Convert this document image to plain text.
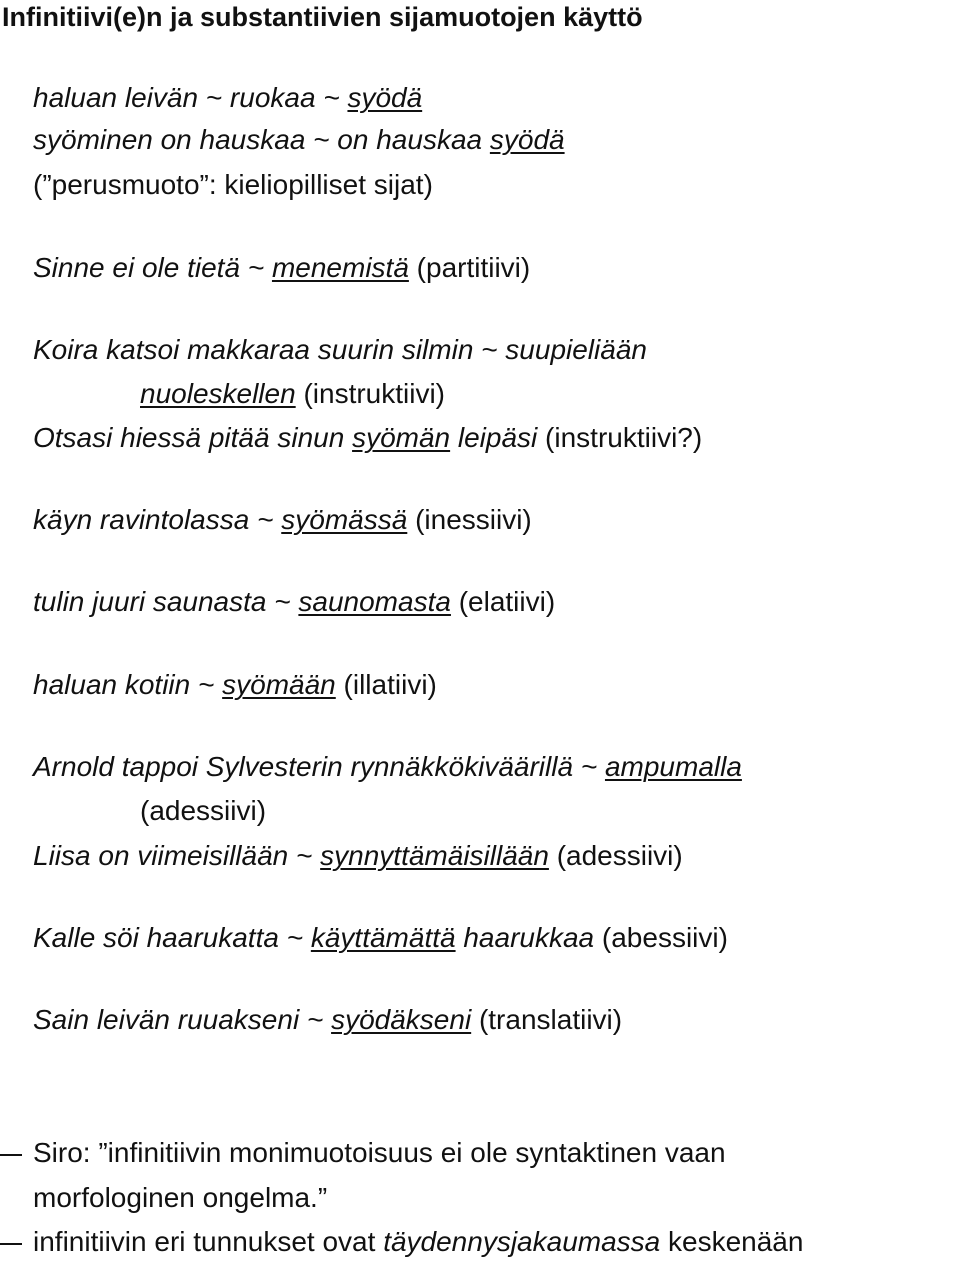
Infinitiivi(e)n ja substantiivien sijamuotojen käyttö
haluan leivän ~ ruokaa ~ syödä
syöminen on hauskaa ~ on hauskaa syödä
(”perusmuoto”: kieliopilliset sijat)
Sinne ei ole tietä ~ menemistä (partitiivi)
Koira katsoi makkaraa suurin silmin ~ suupieliään
nuoleskellen (instruktiivi)
Otsasi hiessä pitää sinun syömän leipäsi (instruktiivi?)
käyn ravintolassa ~ syömässä (inessiivi)
tulin juuri saunasta ~ saunomasta (elatiivi)
haluan kotiin ~ syömään (illatiivi)
Arnold tappoi Sylvesterin rynnäkkökiväärillä ~ ampumalla
(adessiivi)
Liisa on viimeisillään ~ synnyttämäisillään (adessiivi)
Kalle söi haarukatta ~ käyttämättä haarukkaa (abessiivi)
Sain leivän ruuakseni ~ syödäkseni (translatiivi)
Siro: ”infinitiivin monimuotoisuus ei ole syntaktinen vaan
morfologinen ongelma.”
infinitiivin eri tunnukset ovat täydennysjakaumassa keskenään
